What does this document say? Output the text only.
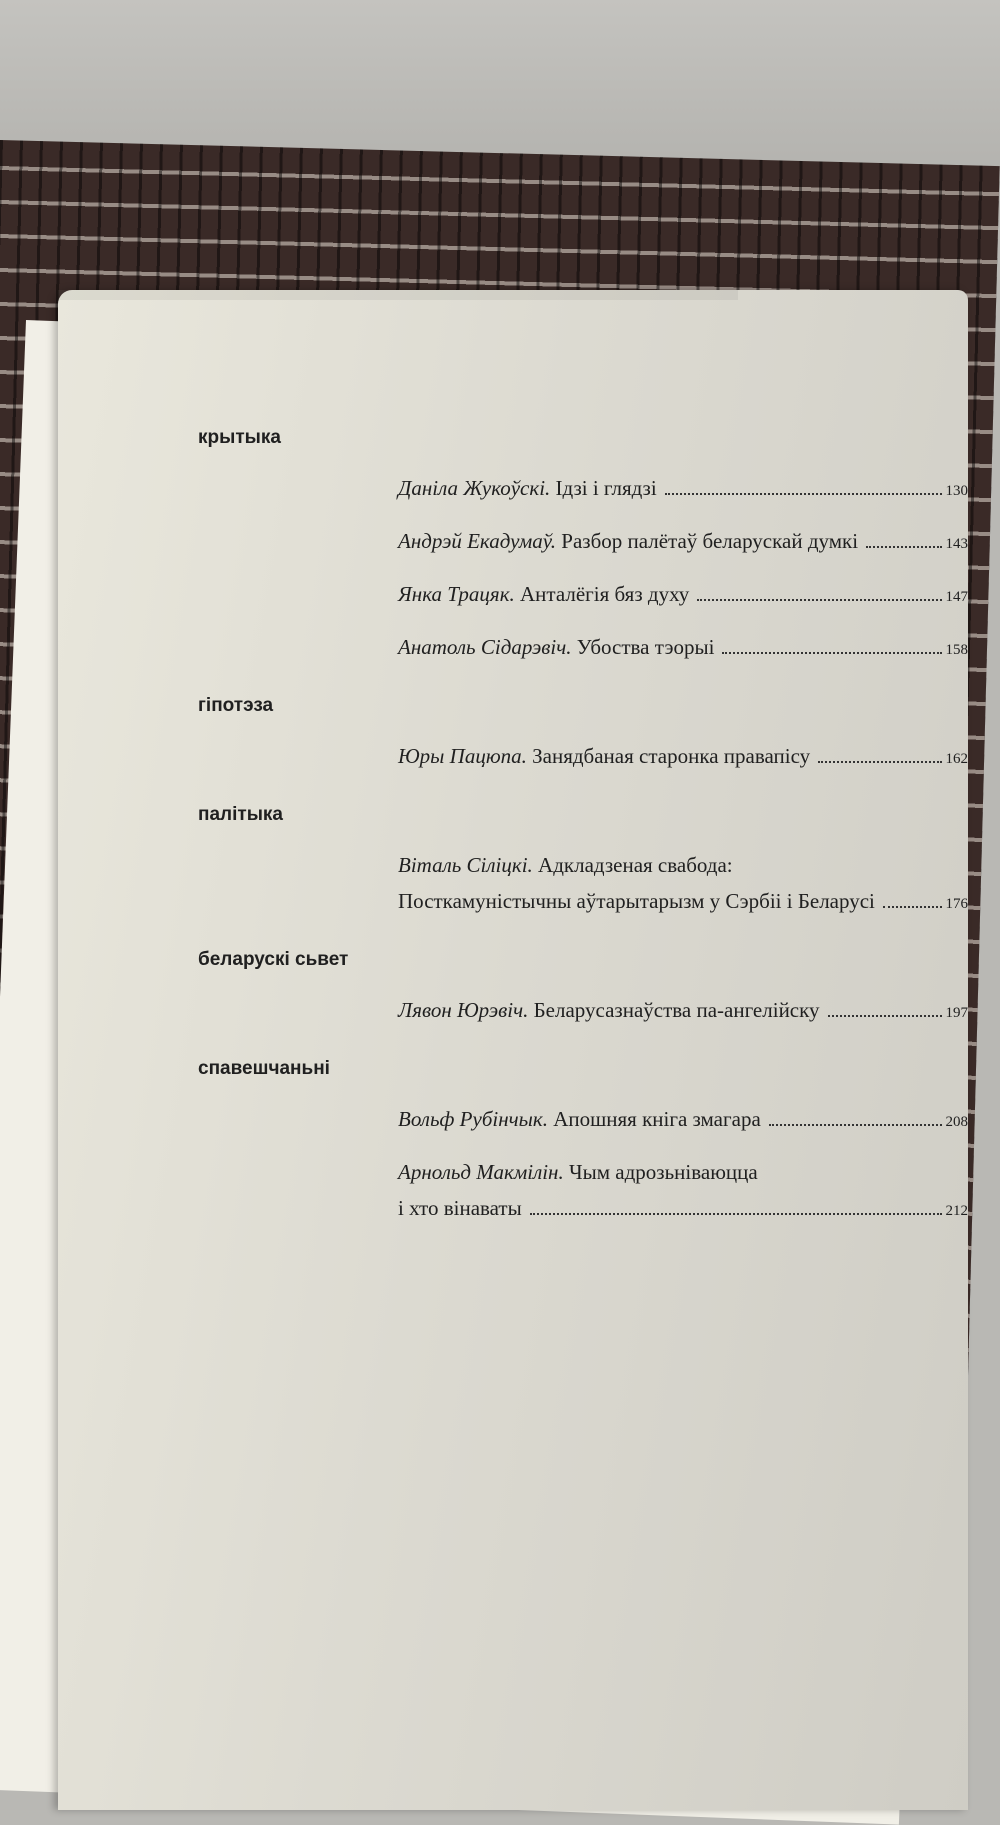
крытыка
Даніла Жукоўскі. Ідзі і глядзі	130
Андрэй Екадумаў. Разбор палётаў беларускай думкі	143
Янка Трацяк. Анталёгія бяз духу	147
Анатоль Сідарэвіч. Убоства тэорыі	158
гіпотэза
Юры Пацюпа. Занядбаная старонка правапісу	162
палітыка
Віталь Сіліцкі. Адкладзеная свабода:
Посткамуністычны аўтарытарызм у Сэрбіі і Беларусі	176
беларускі сьвет
Лявон Юрэвіч. Беларусазнаўства па-ангелійску	197
спавешчаньні
Вольф Рубінчык. Апошняя кніга змагара	208
Арнольд Макмілін. Чым адрозьніваюцца
і хто вінаваты	212
